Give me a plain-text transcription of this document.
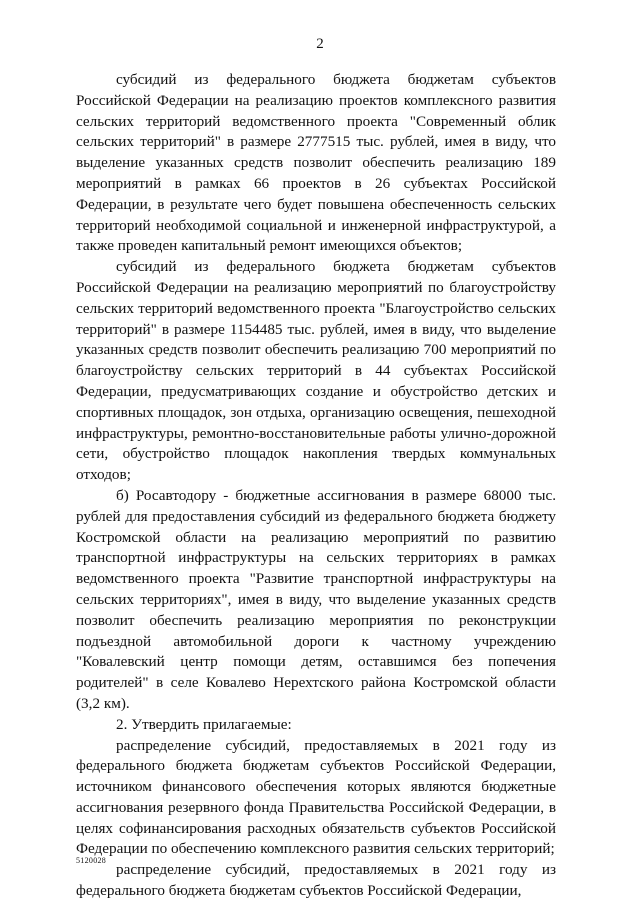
2

субсидий из федерального бюджета бюджетам субъектов Российской Федерации на реализацию проектов комплексного развития сельских территорий ведомственного проекта "Современный облик сельских территорий" в размере 2777515 тыс. рублей, имея в виду, что выделение указанных средств позволит обеспечить реализацию 189 мероприятий в рамках 66 проектов в 26 субъектах Российской Федерации, в результате чего будет повышена обеспеченность сельских территорий необходимой социальной и инженерной инфраструктурой, а также проведен капитальный ремонт имеющихся объектов;

субсидий из федерального бюджета бюджетам субъектов Российской Федерации на реализацию мероприятий по благоустройству сельских территорий ведомственного проекта "Благоустройство сельских территорий" в размере 1154485 тыс. рублей, имея в виду, что выделение указанных средств позволит обеспечить реализацию 700 мероприятий по благоустройству сельских территорий в 44 субъектах Российской Федерации, предусматривающих создание и обустройство детских и спортивных площадок, зон отдыха, организацию освещения, пешеходной инфраструктуры, ремонтно-восстановительные работы улично-дорожной сети, обустройство площадок накопления твердых коммунальных отходов;

б) Росавтодору - бюджетные ассигнования в размере 68000 тыс. рублей для предоставления субсидий из федерального бюджета бюджету Костромской области на реализацию мероприятий по развитию транспортной инфраструктуры на сельских территориях в рамках ведомственного проекта "Развитие транспортной инфраструктуры на сельских территориях", имея в виду, что выделение указанных средств позволит обеспечить реализацию мероприятия по реконструкции подъездной автомобильной дороги к частному учреждению "Ковалевский центр помощи детям, оставшимся без попечения родителей" в селе Ковалево Нерехтского района Костромской области (3,2 км).

2. Утвердить прилагаемые:

распределение субсидий, предоставляемых в 2021 году из федерального бюджета бюджетам субъектов Российской Федерации, источником финансового обеспечения которых являются бюджетные ассигнования резервного фонда Правительства Российской Федерации, в целях софинансирования расходных обязательств субъектов Российской Федерации по обеспечению комплексного развития сельских территорий;

распределение субсидий, предоставляемых в 2021 году из федерального бюджета бюджетам субъектов Российской Федерации,

5120028
